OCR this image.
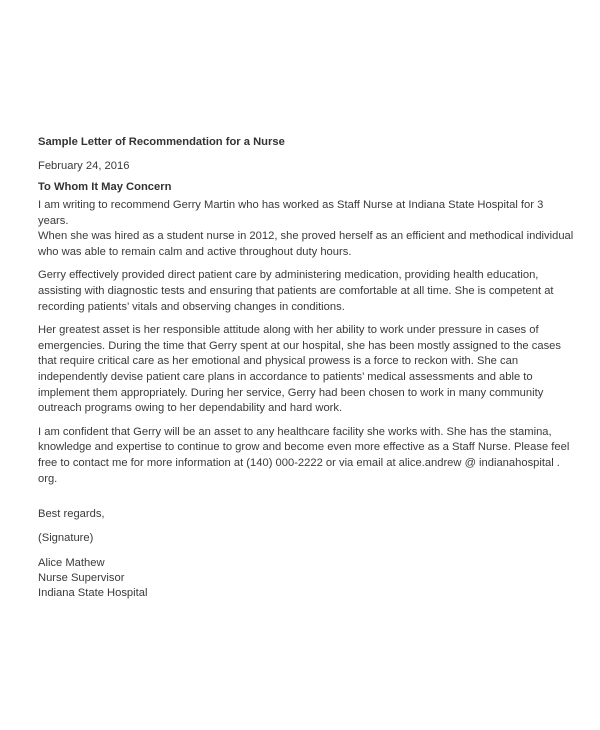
Sample Letter of Recommendation for a Nurse
February 24, 2016
To Whom It May Concern
I am writing to recommend Gerry Martin who has worked as Staff Nurse at Indiana State Hospital for 3 years.
When she was hired as a student nurse in 2012, she proved herself as an efficient and methodical individual
who was able to remain calm and active throughout duty hours.
Gerry effectively provided direct patient care by administering medication, providing health education,
assisting with diagnostic tests and ensuring that patients are comfortable at all time. She is competent at
recording patients’ vitals and observing changes in conditions.
Her greatest asset is her responsible attitude along with her ability to work under pressure in cases of
emergencies. During the time that Gerry spent at our hospital, she has been mostly assigned to the cases
that require critical care as her emotional and physical prowess is a force to reckon with. She can
independently devise patient care plans in accordance to patients’ medical assessments and able to
implement them appropriately. During her service, Gerry had been chosen to work in many community
outreach programs owing to her dependability and hard work.
I am confident that Gerry will be an asset to any healthcare facility she works with. She has the stamina,
knowledge and expertise to continue to grow and become even more effective as a Staff Nurse. Please feel
free to contact me for more information at (140) 000-2222 or via email at alice.andrew @ indianahospital .
org.
Best regards,
(Signature)
Alice Mathew
Nurse Supervisor
Indiana State Hospital
